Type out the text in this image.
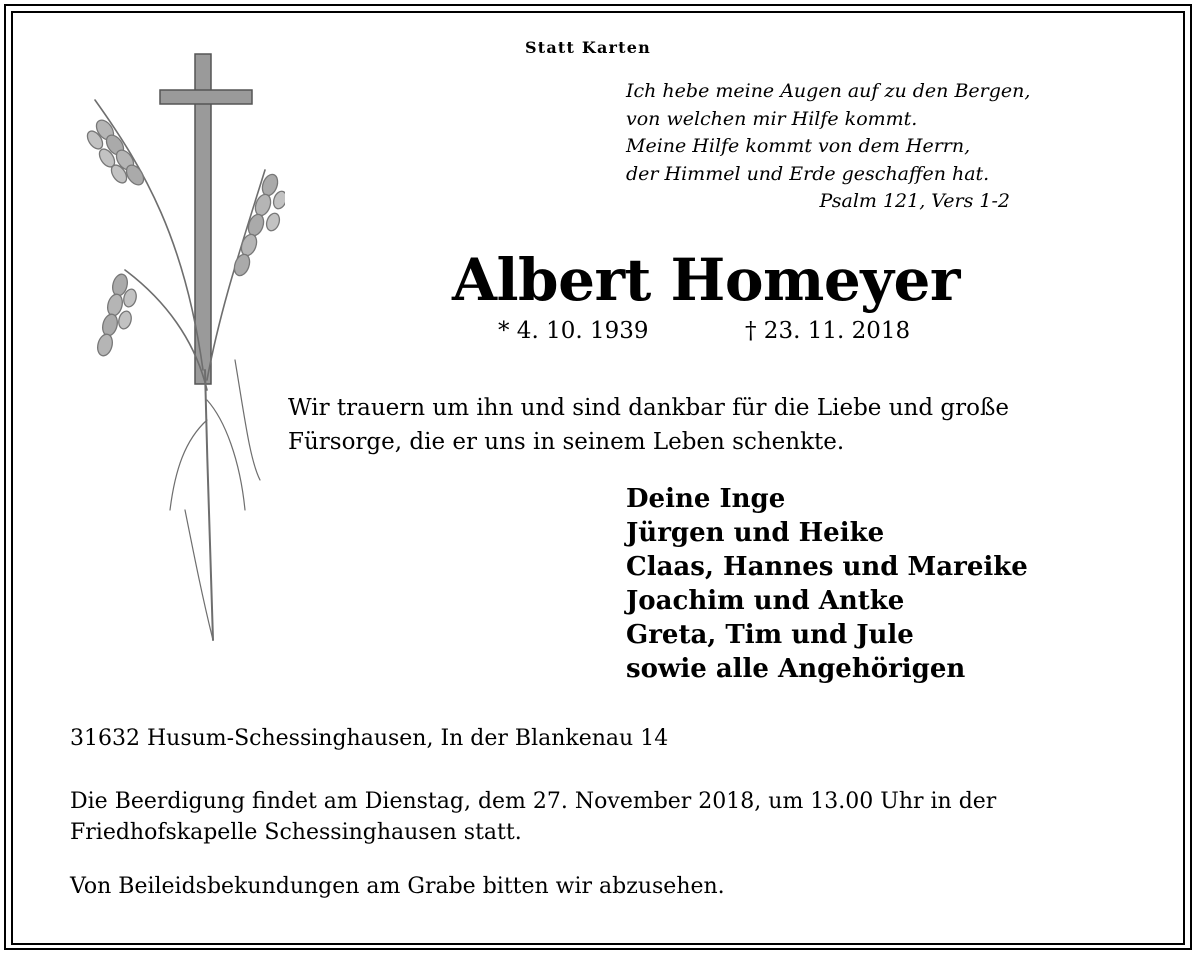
Statt Karten
Ich hebe meine Augen auf zu den Bergen,
von welchen mir Hilfe kommt.
Meine Hilfe kommt von dem Herrn,
der Himmel und Erde geschaffen hat.
Psalm 121, Vers 1-2
Albert Homeyer
* 4. 10. 1939	† 23. 11. 2018
Wir trauern um ihn und sind dankbar für die Liebe und große
Fürsorge, die er uns in seinem Leben schenkte.
Deine Inge
Jürgen und Heike
Claas, Hannes und Mareike
Joachim und Antke
Greta, Tim und Jule
sowie alle Angehörigen
31632 Husum-Schessinghausen, In der Blankenau 14
Die Beerdigung findet am Dienstag, dem 27. November 2018, um 13.00 Uhr in der
Friedhofskapelle Schessinghausen statt.
Von Beileidsbekundungen am Grabe bitten wir abzusehen.
